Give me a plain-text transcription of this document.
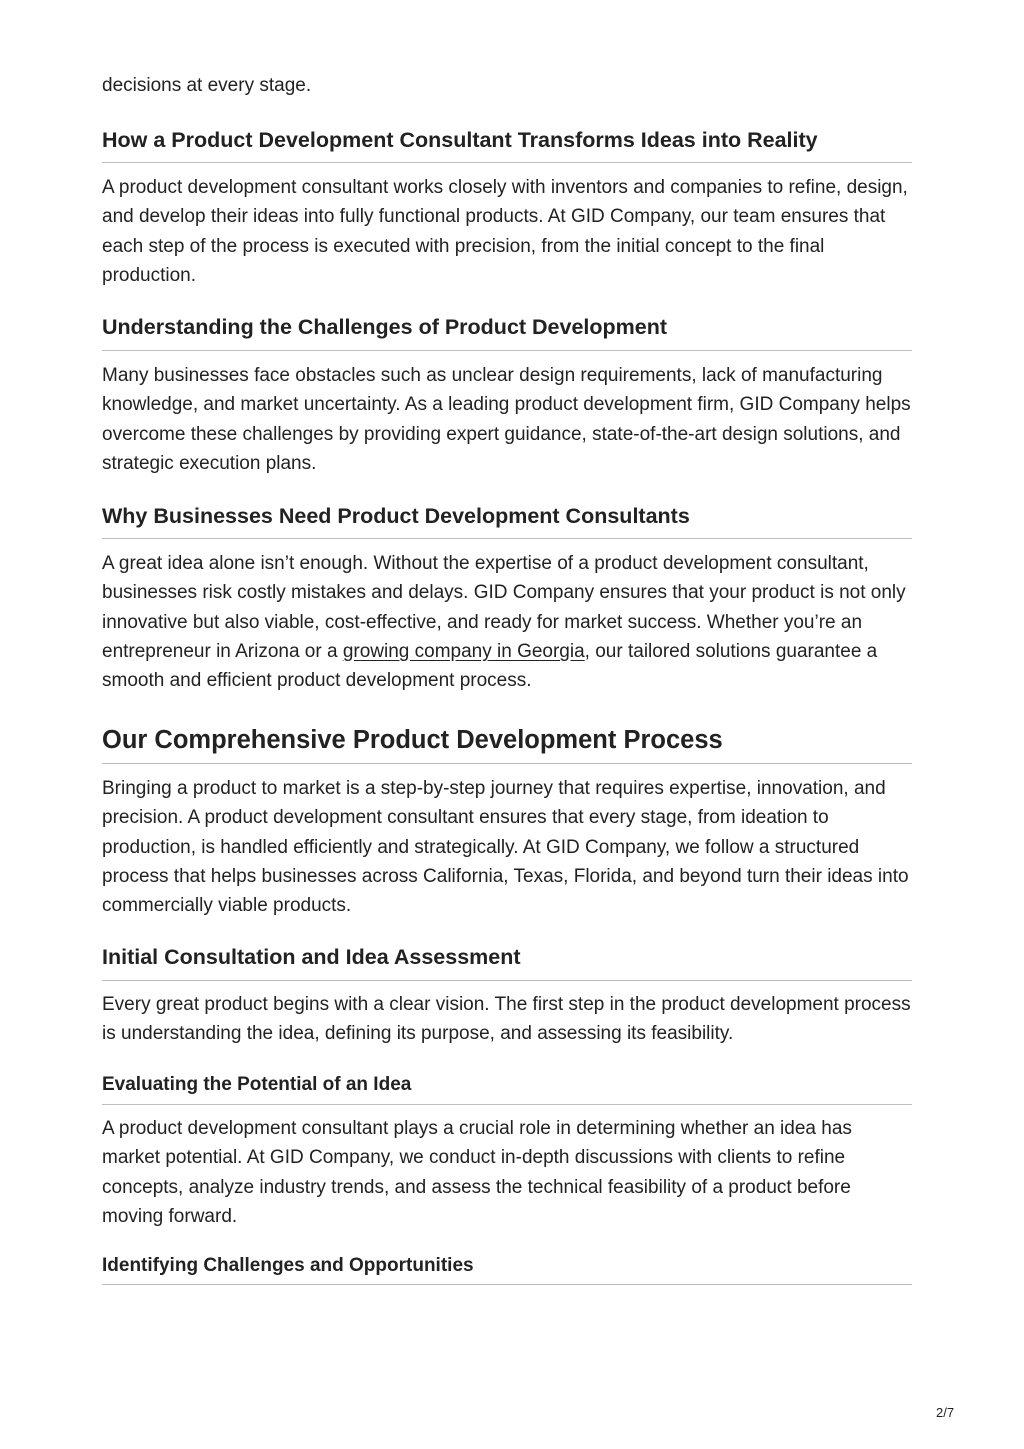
decisions at every stage.

How a Product Development Consultant Transforms Ideas into Reality

A product development consultant works closely with inventors and companies to refine, design, and develop their ideas into fully functional products. At GID Company, our team ensures that each step of the process is executed with precision, from the initial concept to the final production.

Understanding the Challenges of Product Development

Many businesses face obstacles such as unclear design requirements, lack of manufacturing knowledge, and market uncertainty. As a leading product development firm, GID Company helps overcome these challenges by providing expert guidance, state-of-the-art design solutions, and strategic execution plans.

Why Businesses Need Product Development Consultants

A great idea alone isn’t enough. Without the expertise of a product development consultant, businesses risk costly mistakes and delays. GID Company ensures that your product is not only innovative but also viable, cost-effective, and ready for market success. Whether you’re an entrepreneur in Arizona or a growing company in Georgia, our tailored solutions guarantee a smooth and efficient product development process.

Our Comprehensive Product Development Process

Bringing a product to market is a step-by-step journey that requires expertise, innovation, and precision. A product development consultant ensures that every stage, from ideation to production, is handled efficiently and strategically. At GID Company, we follow a structured process that helps businesses across California, Texas, Florida, and beyond turn their ideas into commercially viable products.

Initial Consultation and Idea Assessment

Every great product begins with a clear vision. The first step in the product development process is understanding the idea, defining its purpose, and assessing its feasibility.

Evaluating the Potential of an Idea

A product development consultant plays a crucial role in determining whether an idea has market potential. At GID Company, we conduct in-depth discussions with clients to refine concepts, analyze industry trends, and assess the technical feasibility of a product before moving forward.

Identifying Challenges and Opportunities
2/7
